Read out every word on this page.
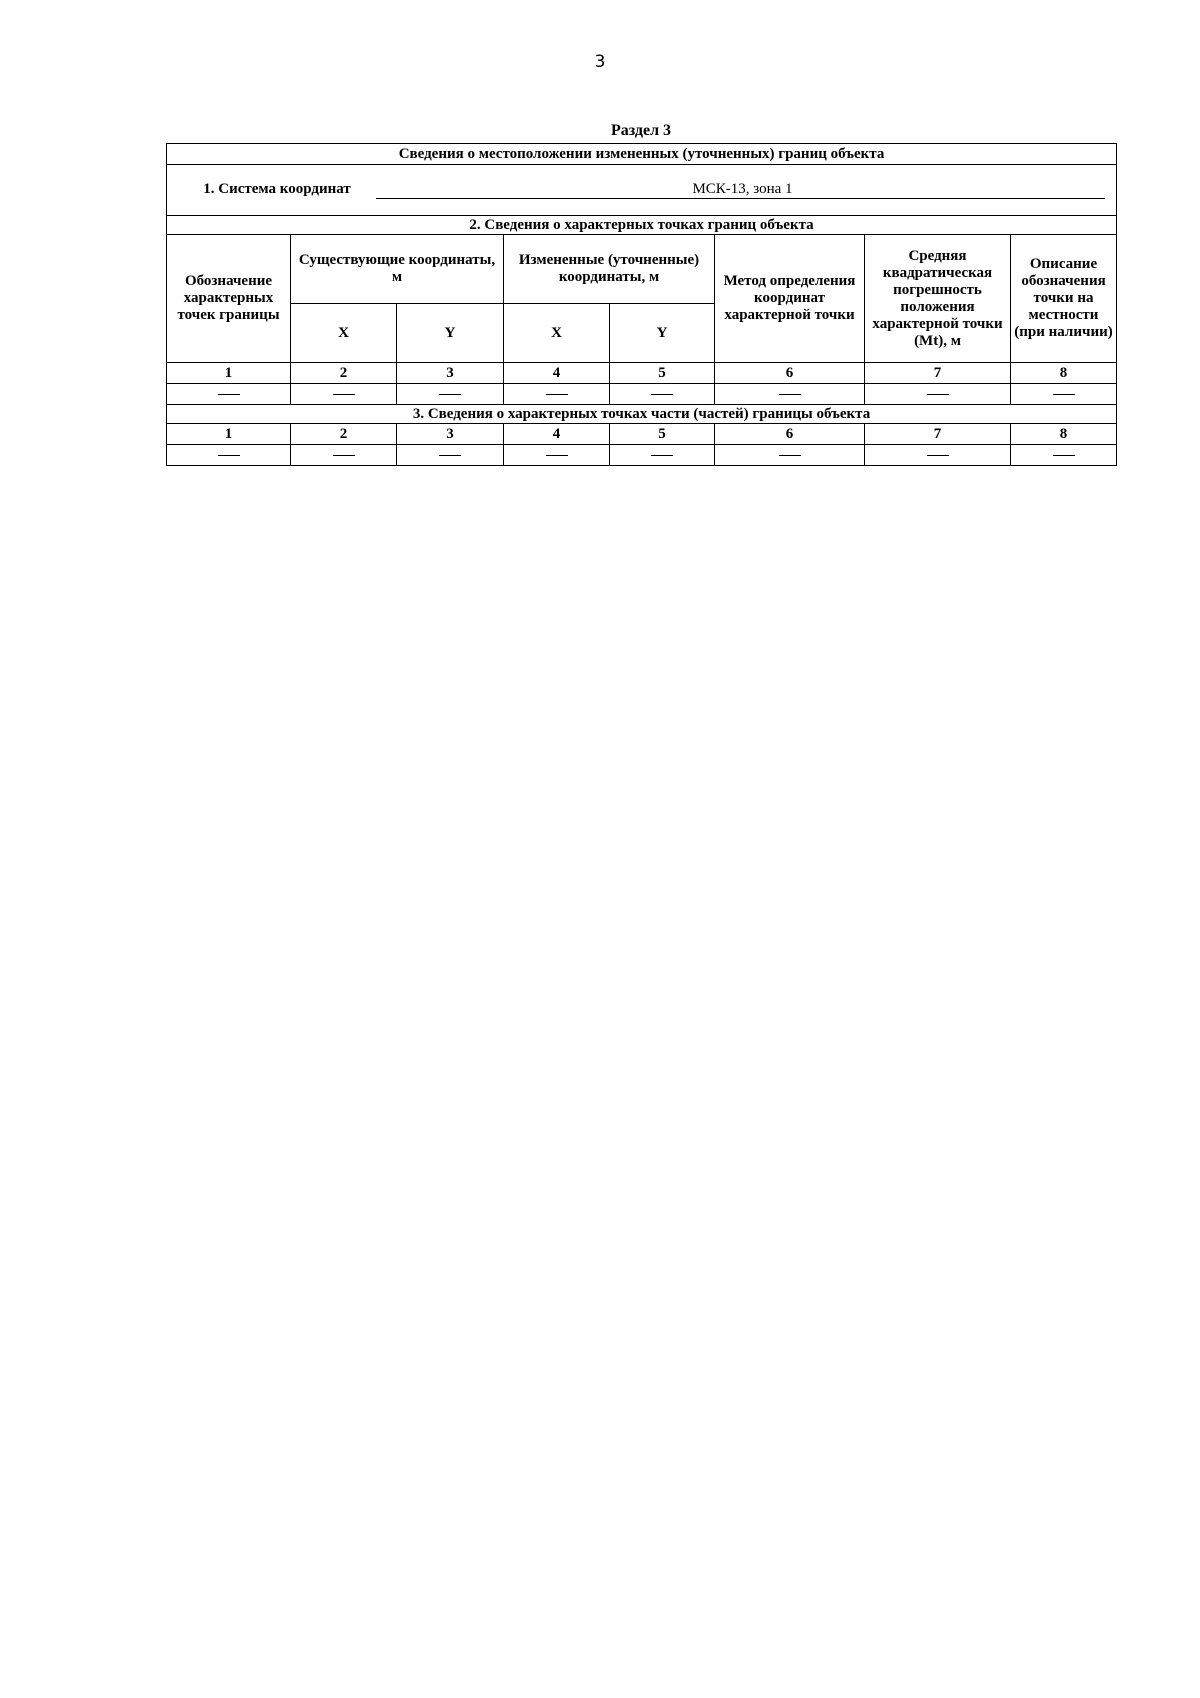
3
Раздел 3
Сведения о местоположении измененных (уточненных) границ объекта							
1. Система координат МСК-13, зона 1							
2. Сведения о характерных точках границ объекта							
Обозначение характерных точек границы	Существующие координаты, м		Измененные (уточненные) координаты, м		Метод определения координат характерной точки	Средняя квадратическая погрешность положения характерной точки (Mt), м	Описание обозначения точки на местности (при наличии)
	X	Y	X	Y			
1	2	3	4	5	6	7	8

3. Сведения о характерных точках части (частей) границы объекта							
1	2	3	4	5	6	7	8
